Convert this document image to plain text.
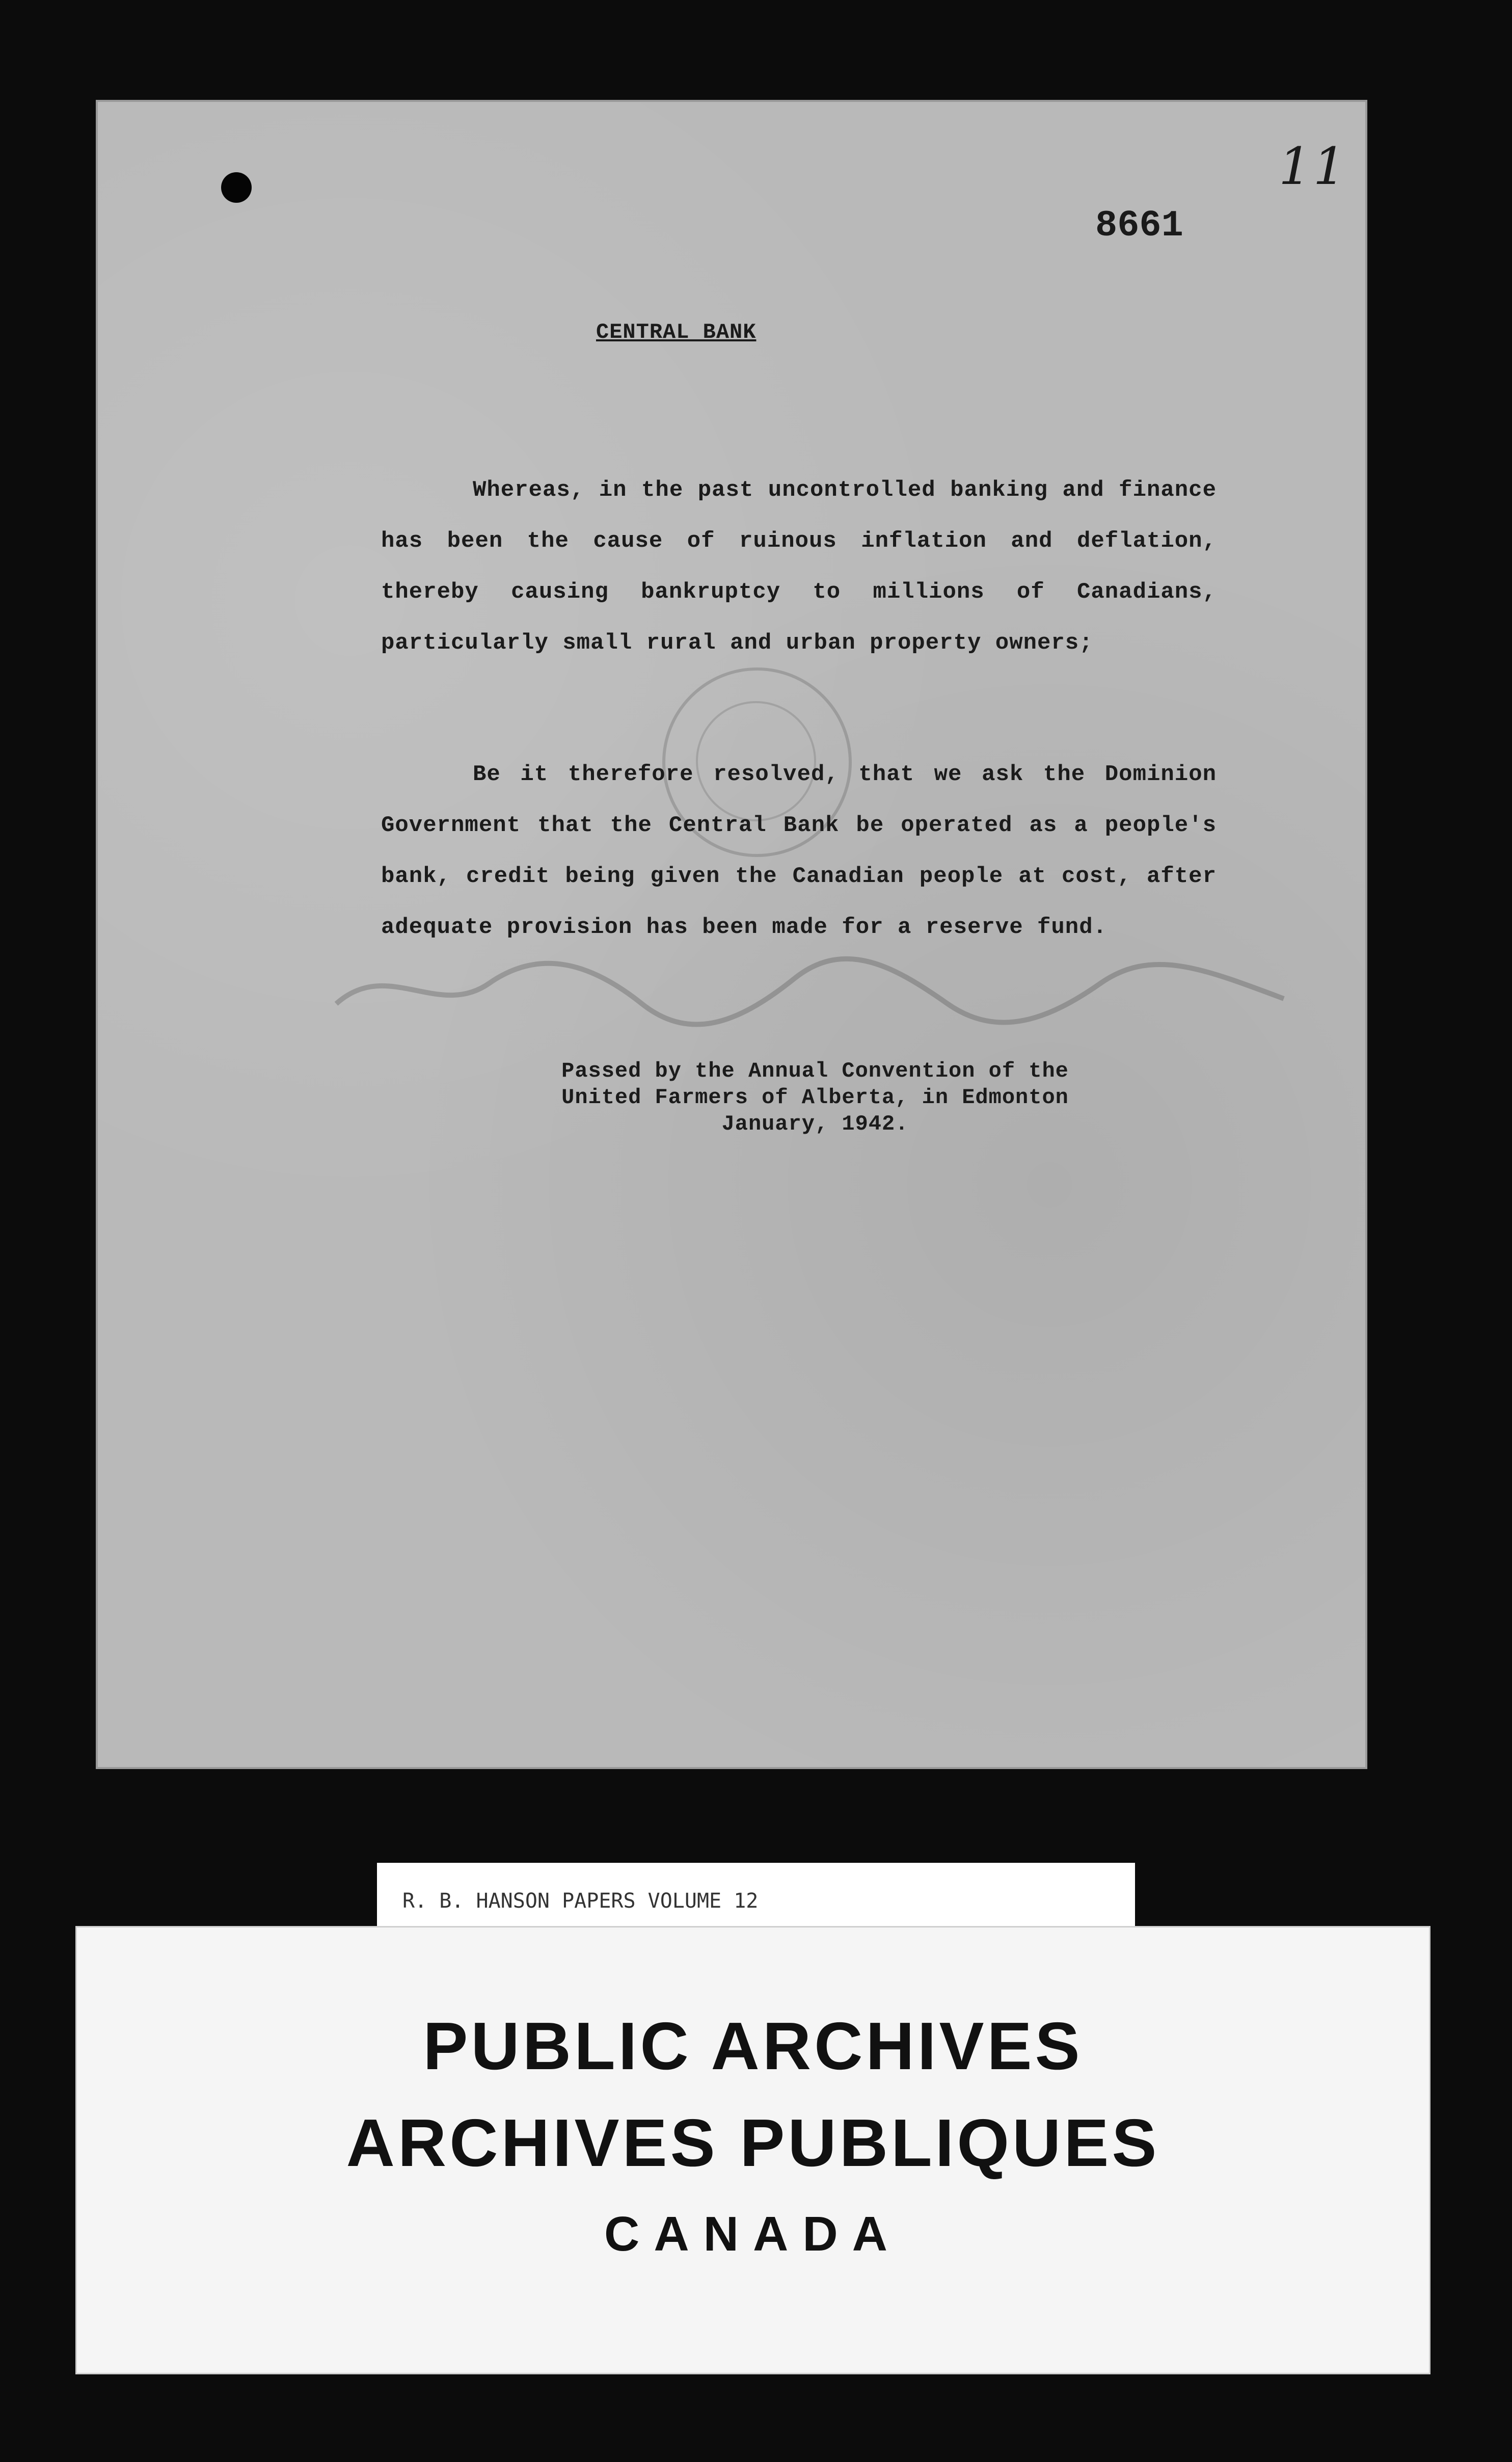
11
8661
CENTRAL BANK

Whereas, in the past uncontrolled banking and finance has been the cause of ruinous inflation and deflation, thereby causing bankruptcy to millions of Canadians, particularly small rural and urban property owners;

Be it therefore resolved, that we ask the Dominion Government that the Central Bank be operated as a people's bank, credit being given the Canadian people at cost, after adequate provision has been made for a reserve fund.

Passed by the Annual Convention of the
United Farmers of Alberta, in Edmonton
January, 1942.
R. B. HANSON PAPERS VOLUME 12
PUBLIC ARCHIVES
ARCHIVES PUBLIQUES
CANADA
